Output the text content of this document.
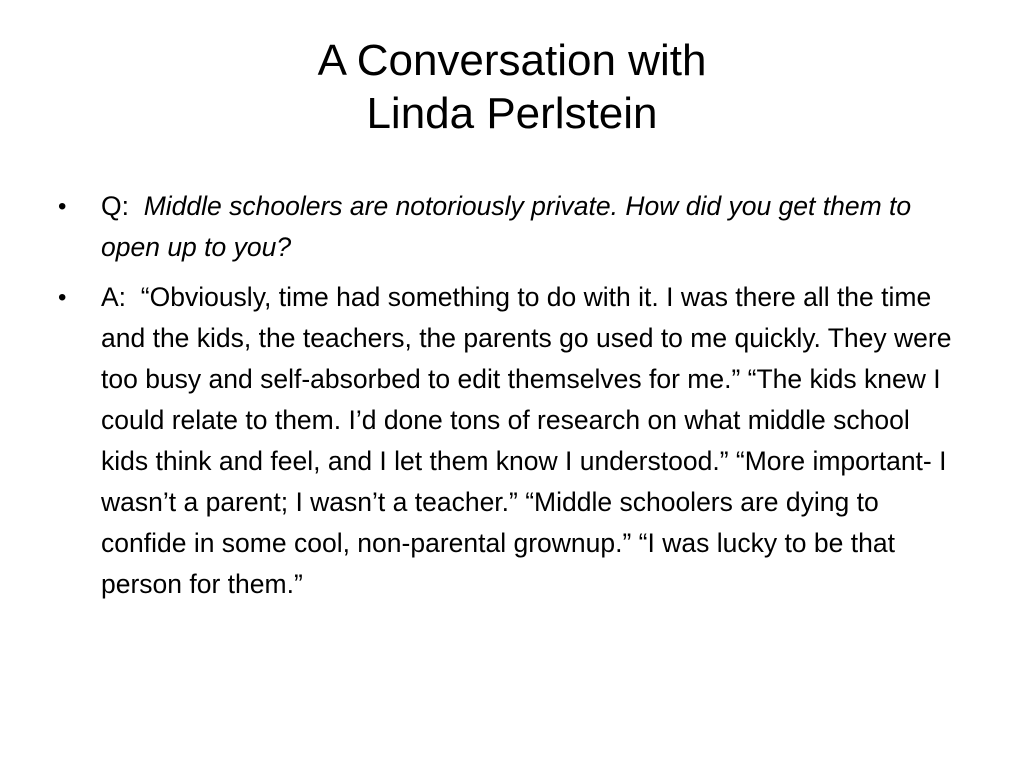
A Conversation with
Linda Perlstein
•	Q:  Middle schoolers are notoriously private. How did you get them to open up to you?
•	A:  “Obviously, time had something to do with it. I was there all the time and the kids, the teachers, the parents go used to me quickly. They were too busy and self-absorbed to edit themselves for me.” “The kids knew I could relate to them. I’d done tons of research on what middle school kids think and feel, and I let them know I understood.” “More important- I wasn’t a parent; I wasn’t a teacher.” “Middle schoolers are dying to confide in some cool, non-parental grownup.” “I was lucky to be that person for them.”
